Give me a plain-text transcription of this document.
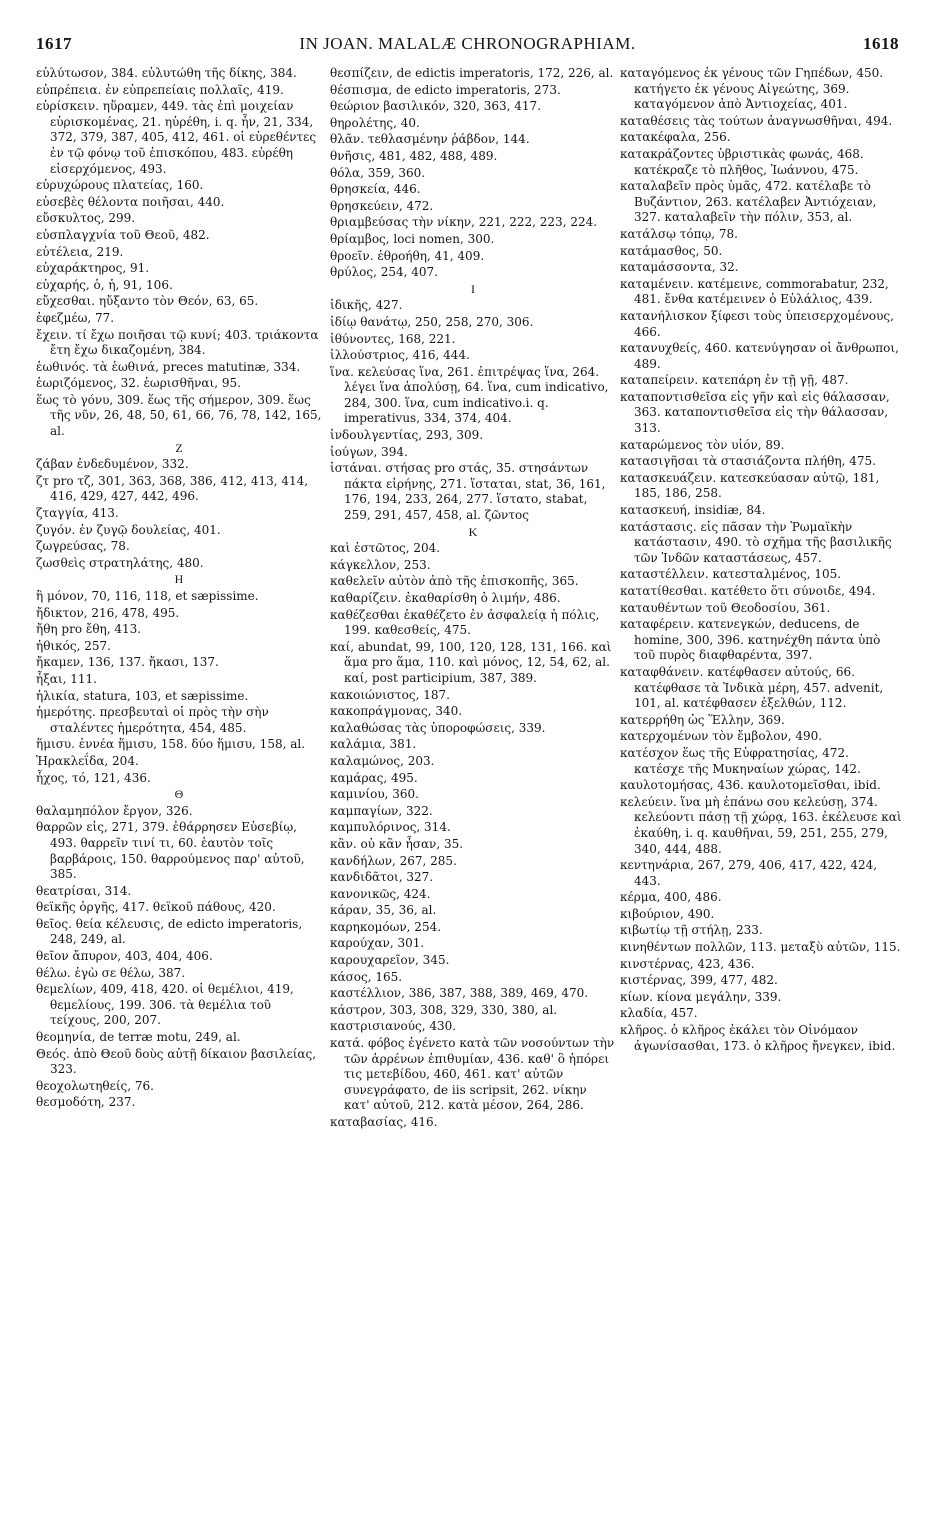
1617	IN JOAN. MALALÆ CHRONOGRAPHIAM.	1618
εὐλύτωσον, 384. εὐλυτώθη τῆς δίκης, 384.
εὐπρέπεια. ἐν εὐπρεπείαις πολλαῖς, 419.
εὑρίσκειν. ηὕραμεν, 449. τὰς ἐπὶ μοιχείαν εὑρισκομένας, 21. ηὑρέθη, i. q. ἦν, 21, 334, 372, 379, 387, 405, 412, 461. οἱ εὑρεθέντες ἐν τῷ φόνῳ τοῦ ἐπισκόπου, 483. εὑρέθη εἰσερχόμενος, 493.
εὐρυχώρους πλατείας, 160.
εὐσεβὲς θέλοντα ποιῆσαι, 440.
εὔσκυλτος, 299.
εὐσπλαγχνία τοῦ Θεοῦ, 482.
εὐτέλεια, 219.
εὐχαράκτηρος, 91.
εὐχαρής, ὁ, ἡ, 91, 106.
εὔχεσθαι. ηὔξαντο τὸν Θεόν, 63, 65.
ἐφεζμέω, 77.
ἔχειν. τί ἔχω ποιῆσαι τῷ κυνί; 403. τριάκοντα ἔτη ἔχω δικαζομένη, 384.
ἑωθινός. τὰ ἑωθινά, preces matutinæ, 334.
ἑωριζόμενος, 32. ἑωρισθῆναι, 95.
ἕως τὸ γόνυ, 309. ἕως τῆς σήμερον, 309. ἕως τῆς νῦν, 26, 48, 50, 61, 66, 76, 78, 142, 165, al.
Z
ζάβαν ἐνδεδυμένον, 332.
ζτ pro τζ, 301, 363, 368, 386, 412, 413, 414, 416, 429, 427, 442, 496.
ζταγγία, 413.
ζυγόν. ἐν ζυγῷ δουλείας, 401.
ζωγρεύσας, 78.
ζωσθεὶς στρατηλάτης, 480.
H
ἢ μόνον, 70, 116, 118, et sæpissime.
ἤδικτον, 216, 478, 495.
ἤθη pro ἔθη, 413.
ἠθικός, 257.
ἤκαμεν, 136, 137. ἤκασι, 137.
ἦξαι, 111.
ἡλικία, statura, 103, et sæpissime.
ἡμερότης. πρεσβευταὶ οἱ πρὸς τὴν σὴν σταλέντες ἡμερότητα, 454, 485.
ἥμισυ. ἐννέα ἥμισυ, 158. δύο ἥμισυ, 158, al.
Ἡρακλεΐδα, 204.
ἦχος, τό, 121, 436.
Θ
θαλαμηπόλον ἔργον, 326.
θαρρῶν εἰς, 271, 379. ἐθάρρησεν Εὐσεβίῳ, 493. θαρρεῖν τινί τι, 60. ἑαυτὸν τοῖς βαρβάροις, 150. θαρρούμενος παρ' αὐτοῦ, 385.
θεατρίσαι, 314.
θεϊκῆς ὀργῆς, 417. θεϊκοῦ πάθους, 420.
θεῖος. θεία κέλευσις, de edicto imperatoris, 248, 249, al.
θεῖον ἄπυρον, 403, 404, 406.
θέλω. ἐγὼ σε θέλω, 387.
θεμελίων, 409, 418, 420. οἱ θεμέλιοι, 419, θεμελίους, 199. 306. τὰ θεμέλια τοῦ τείχους, 200, 207.
θεομηνία, de terræ motu, 249, al.
Θεός. ἀπὸ Θεοῦ δοὺς αὐτῇ δίκαιον βασιλείας, 323.
θεοχολωτηθείς, 76.
θεσμοδότη, 237.
θεσπίζειν, de edictis imperatoris, 172, 226, al.
θέσπισμα, de edicto imperatoris, 273.
θεώριον βασιλικόν, 320, 363, 417.
θηρολέτης, 40.
θλᾶν. τεθλασμένην ῥάβδον, 144.
θνῆσις, 481, 482, 488, 489.
θόλα, 359, 360.
θρησκεία, 446.
θρησκεύειν, 472.
θριαμβεύσας τὴν νίκην, 221, 222, 223, 224.
θρίαμβος, loci nomen, 300.
θροεῖν. ἐθροήθη, 41, 409.
θρύλος, 254, 407.
I
ἰδικῆς, 427.
ἰδίῳ θανάτῳ, 250, 258, 270, 306.
ἰθύνοντες, 168, 221.
ἰλλούστριος, 416, 444.
ἵνα. κελεύσας ἵνα, 261. ἐπιτρέψας ἵνα, 264. λέγει ἵνα ἀπολύσῃ, 64. ἵνα, cum indicativo, 284, 300. ἵνα, cum indicativo.i. q. imperativus, 334, 374, 404.
ἰνδουλγεντίας, 293, 309.
ἰούγων, 394.
ἱστάναι. στήσας pro στάς, 35. στησάντων πάκτα εἰρήνης, 271. ἵσταται, stat, 36, 161, 176, 194, 233, 264, 277. ἵστατο, stabat, 259, 291, 457, 458, al. ζῶντος
K
καὶ ἑστῶτος, 204.
κάγκελλον, 253.
καθελεῖν αὐτὸν ἀπὸ τῆς ἐπισκοπῆς, 365.
καθαρίζειν. ἐκαθαρίσθη ὁ λιμήν, 486.
καθέζεσθαι ἐκαθέζετο ἐν ἀσφαλείᾳ ἡ πόλις, 199. καθεσθείς, 475.
καί, abundat, 99, 100, 120, 128, 131, 166. καὶ ἅμα pro ἅμα, 110. καὶ μόνος, 12, 54, 62, al. καί, post participium, 387, 389.
κακοιώνιστος, 187.
κακοπράγμονας, 340.
καλαθώσας τὰς ὑποροφώσεις, 339.
καλάμια, 381.
καλαμώνος, 203.
καμάρας, 495.
καμινίου, 360.
καμπαγίων, 322.
καμπυλόρινος, 314.
κἂν. οὐ κἂν ἦσαν, 35.
κανδήλων, 267, 285.
κανδιδᾶτοι, 327.
κανονικῶς, 424.
κάραν, 35, 36, al.
καρηκομόων, 254.
καρούχαν, 301.
καρουχαρεῖον, 345.
κάσος, 165.
καστέλλιον, 386, 387, 388, 389, 469, 470.
κάστρον, 303, 308, 329, 330, 380, al.
καστρισιανούς, 430.
κατά. φόβος ἐγένετο κατὰ τῶν νοσούντων τὴν τῶν ἀρρένων ἐπιθυμίαν, 436. καθ' ὃ ἠπόρει τις μετεβίδου, 460, 461. κατ' αὐτῶν συνεγράφατο, de iis scripsit, 262. νίκην κατ' αὐτοῦ, 212. κατὰ μέσον, 264, 286.
καταβασίας, 416.
καταγόμενος ἐκ γένους τῶν Γηπέδων, 450. κατήγετο ἐκ γένους Αἰγεώτης, 369. καταγόμενον ἀπὸ Ἀντιοχείας, 401.
καταθέσεις τὰς τούτων ἀναγνωσθῆναι, 494.
κατακέφαλα, 256.
κατακράζοντες ὑβριστικὰς φωνάς, 468. κατέκραζε τὸ πλῆθος, Ἰωάννου, 475.
καταλαβεῖν πρὸς ὑμᾶς, 472. κατέλαβε τὸ Βυζάντιον, 263. κατέλαβεν Ἀντιόχειαν, 327. καταλαβεῖν τὴν πόλιν, 353, al.
κατάλσῳ τόπῳ, 78.
κατάμασθος, 50.
καταμάσσοντα, 32.
καταμένειν. κατέμεινε, commorabatur, 232, 481. ἔνθα κατέμεινεν ὁ Εὐλάλιος, 439.
κατανήλισκον ξίφεσι τοὺς ὑπεισερχομένους, 466.
κατανυχθείς, 460. κατενύγησαν οἱ ἄνθρωποι, 489.
καταπείρειν. κατεπάρη ἐν τῇ γῇ, 487.
καταποντισθεῖσα εἰς γῆν καὶ εἰς θάλασσαν, 363. καταποντισθεῖσα εἰς τὴν θάλασσαν, 313.
καταρώμενος τὸν υἱόν, 89.
κατασιγῆσαι τὰ στασιάζοντα πλήθη, 475.
κατασκευάζειν. κατεσκεύασαν αὐτῷ, 181, 185, 186, 258.
κατασκευή, insidiæ, 84.
κατάστασις. εἰς πᾶσαν τὴν Ῥωμαϊκὴν κατάστασιν, 490. τὸ σχῆμα τῆς βασιλικῆς τῶν Ἰνδῶν καταστάσεως, 457.
καταστέλλειν. κατεσταλμένος, 105.
κατατίθεσθαι. κατέθετο ὅτι σύνοιδε, 494.
καταυθέντων τοῦ Θεοδοσίου, 361.
καταφέρειν. κατενεγκών, deducens, de homine, 300, 396. κατηνέχθη πάντα ὑπὸ τοῦ πυρὸς διαφθαρέντα, 397.
καταφθάνειν. κατέφθασεν αὐτούς, 66. κατέφθασε τὰ Ἰνδικὰ μέρη, 457. advenit, 101, al. κατέφθασεν ἐξελθών, 112.
κατερρήθη ὡς Ἕλλην, 369.
κατερχομένων τὸν ἔμβολον, 490.
κατέσχον ἕως τῆς Εὐφρατησίας, 472. κατέσχε τῆς Μυκηναίων χώρας, 142.
καυλοτομήσας, 436. καυλοτομεῖσθαι, ibid.
κελεύειν. ἵνα μὴ ἐπάνω σου κελεύσῃ, 374. κελεύοντι πάσῃ τῇ χώρᾳ, 163. ἐκέλευσε καὶ ἐκαύθη, i. q. καυθῆναι, 59, 251, 255, 279, 340, 444, 488.
κεντηνάρια, 267, 279, 406, 417, 422, 424, 443.
κέρμα, 400, 486.
κιβούριον, 490.
κιβωτίῳ τῇ στήλῃ, 233.
κινηθέντων πολλῶν, 113. μεταξὺ αὐτῶν, 115.
κινστέρνας, 423, 436.
κιστέρνας, 399, 477, 482.
κίων. κίονα μεγάλην, 339.
κλαδία, 457.
κλῆρος. ὁ κλῆρος ἐκάλει τὸν Οἰνόμαον ἀγωνίσασθαι, 173. ὁ κλῆρος ἤνεγκεν, ibid.
